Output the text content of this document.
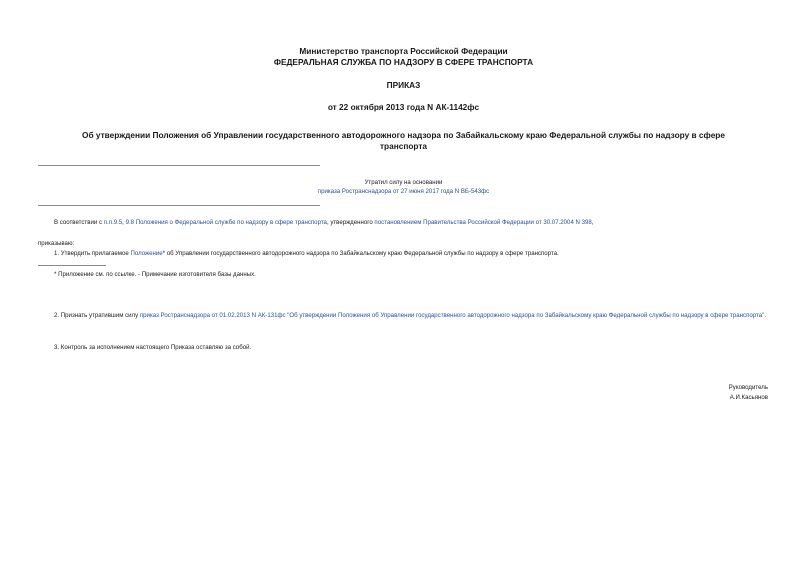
Министерство транспорта Российской Федерации
ФЕДЕРАЛЬНАЯ СЛУЖБА ПО НАДЗОРУ В СФЕРЕ ТРАНСПОРТА
ПРИКАЗ
от 22 октября 2013 года N АК-1142фс
Об утверждении Положения об Управлении государственного автодорожного надзора по Забайкальскому краю Федеральной службы по надзору в сфере
транспорта
Утратил силу на основании
приказа Ространснадзора от 27 июня 2017 года N ВБ-543фс
В соответствии с п.п.9.5, 9.8 Положения о Федеральной службе по надзору в сфере транспорта, утвержденного постановлением Правительства Российской Федерации от 30.07.2004 N 398,
приказываю:
1. Утвердить прилагаемое Положение* об Управлении государственного автодорожного надзора по Забайкальскому краю Федеральной службы по надзору в сфере транспорта.
* Приложение см. по ссылке. - Примечание изготовителя базы данных.
2. Признать утратившим силу приказ Ространснадзора от 01.02.2013 N АК-131фс "Об утверждении Положения об Управлении государственного автодорожного надзора по Забайкальскому краю Федеральной службы по надзору в сфере транспорта".
3. Контроль за исполнением настоящего Приказа оставляю за собой.
Руководитель
А.И.Касьянов
